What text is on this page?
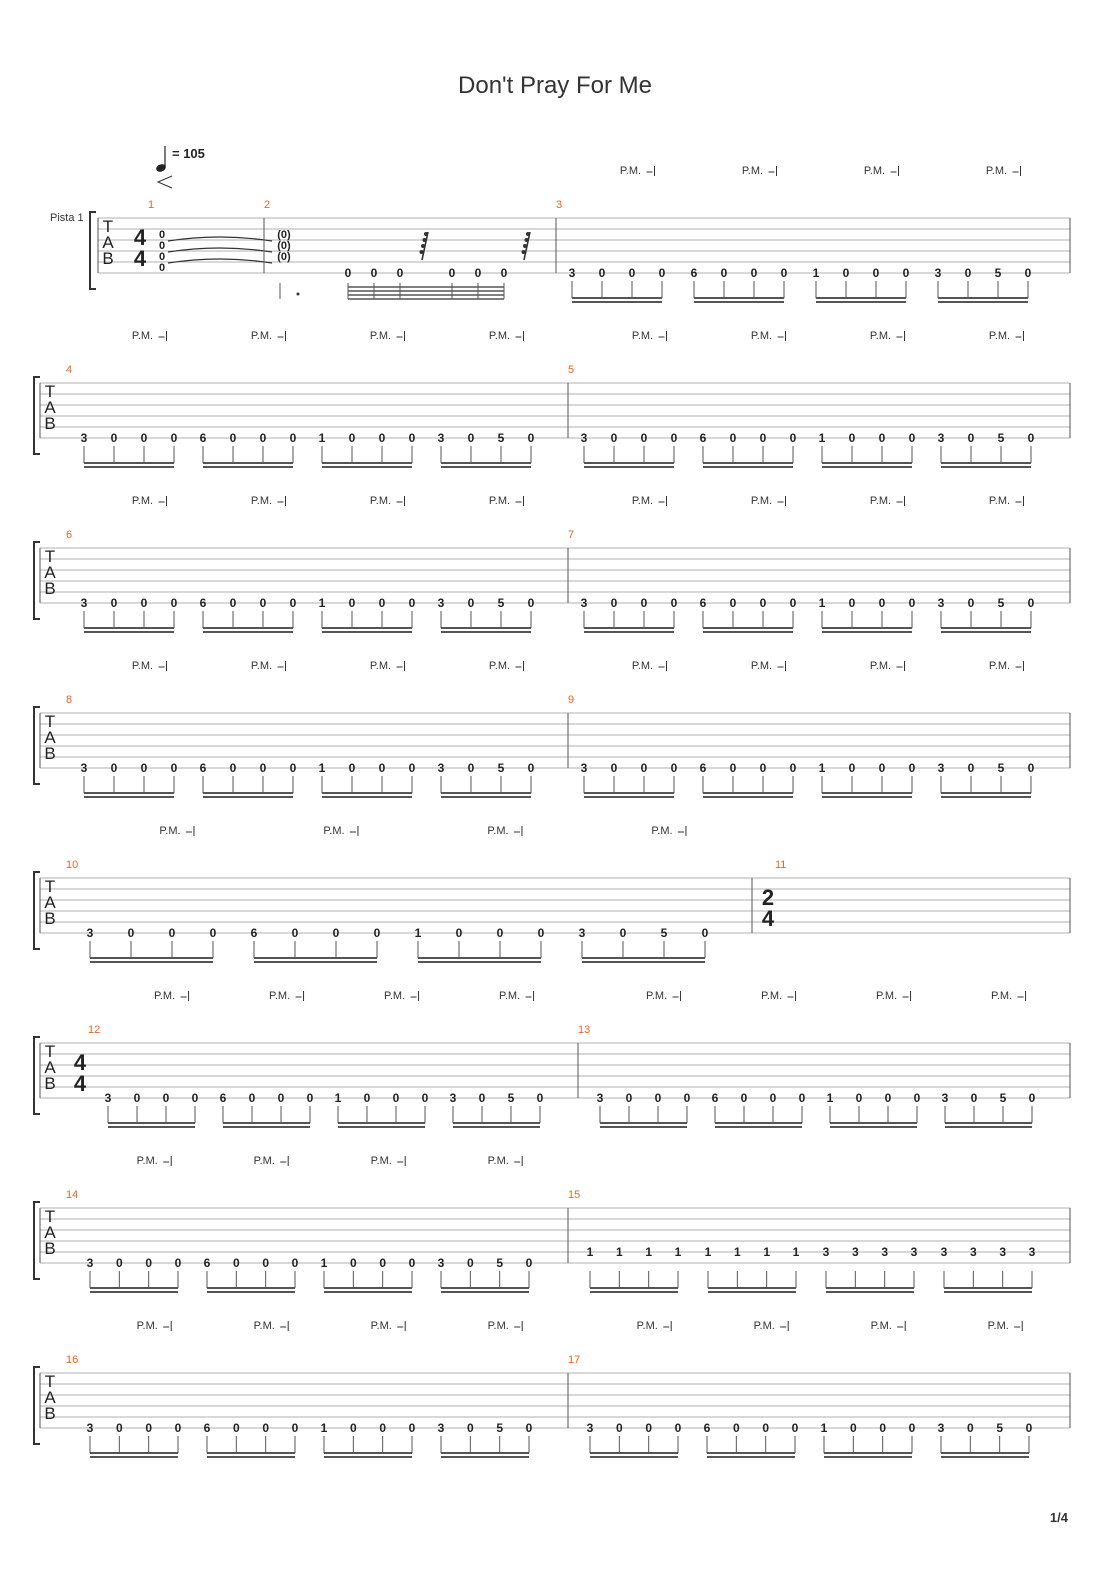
Don't Pray For Me
= 105
Pista 1
1/4
T
A
B
T
A
B
T
A
B
T
A
B
T
A
B
T
A
B
T
A
B
T
A
B
1
4
4
0
0
0
0
2
(0)
(0)
(0)
0 0 0	0 0 0
3
3 0 0 0
P.M.
6 0 0 0
P.M.
1 0 0 0
P.M.
3 0 5 0
P.M.
4
3 0 0 0
P.M.
6 0 0 0
P.M.
1 0 0 0
P.M.
3 0 5 0
P.M.
5
3 0 0 0
P.M.
6 0 0 0
P.M.
1 0 0 0
P.M.
3 0 5 0
P.M.
6
3 0 0 0
P.M.
6 0 0 0
P.M.
1 0 0 0
P.M.
3 0 5 0
P.M.
7
3 0 0 0
P.M.
6 0 0 0
P.M.
1 0 0 0
P.M.
3 0 5 0
P.M.
8
3 0 0 0
P.M.
6 0 0 0
P.M.
1 0 0 0
P.M.
3 0 5 0
P.M.
9
3 0 0 0
P.M.
6 0 0 0
P.M.
1 0 0 0
P.M.
3 0 5 0
P.M.
10
3	0	0	0
P.M.
6	0	0	0
P.M.
1	0	0	0
P.M.
3	0	5	0
P.M.
11
2
4
12
4
4
3 0 0 0
P.M.
6 0 0 0
P.M.
1 0 0 0
P.M.
3 0 5 0
P.M.
13
3 0 0 0
P.M.
6 0 0 0
P.M.
1 0 0 0
P.M.
3 0 5 0
P.M.
14
3 0 0 0
P.M.
6 0 0 0
P.M.
1 0 0 0
P.M.
3 0 5 0
P.M.
15
1 1 1 1 1 1 1 1 3 3 3 3 3 3 3 3
16
3 0 0 0
P.M.
6 0 0 0
P.M.
1 0 0 0
P.M.
3 0 5 0
P.M.
17
3 0 0 0
P.M.
6 0 0 0
P.M.
1 0 0 0
P.M.
3 0 5 0
P.M.
